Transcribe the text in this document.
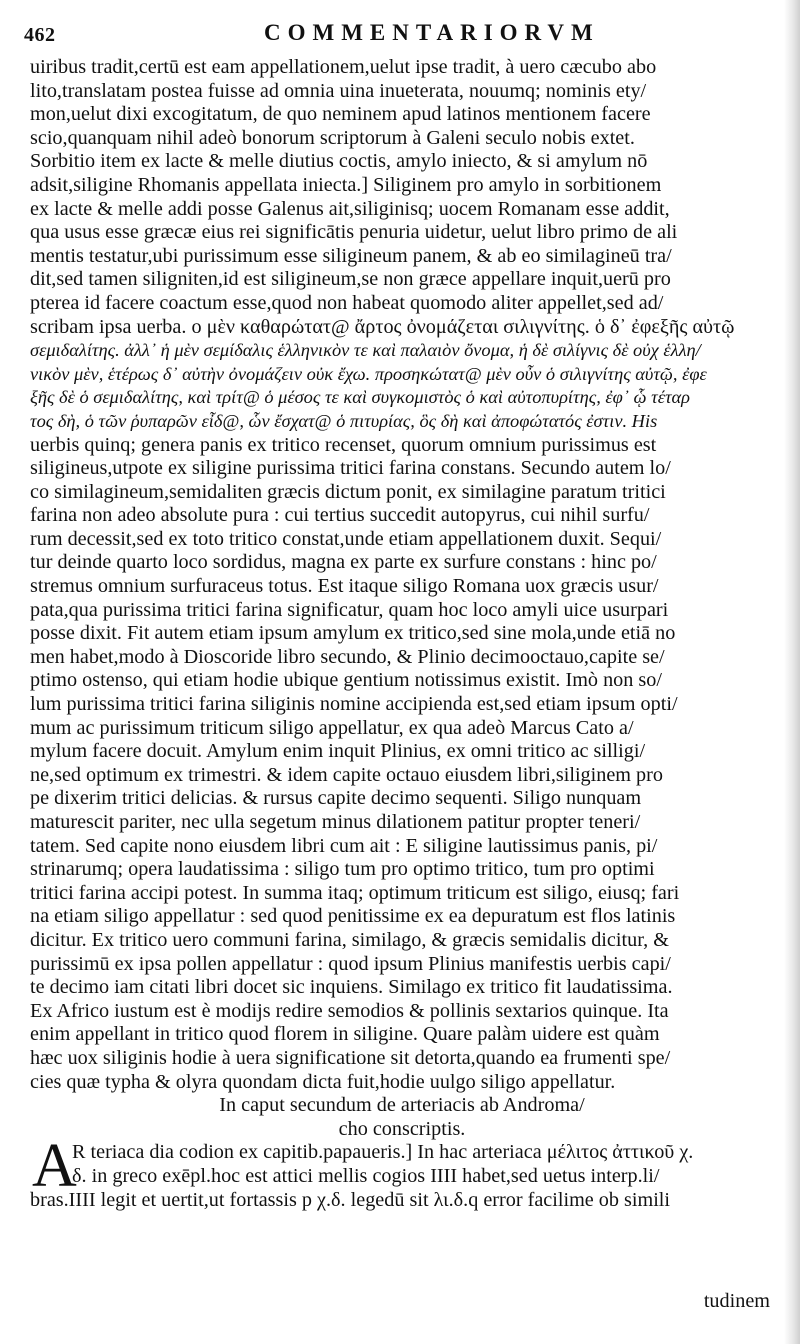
462	COMMENTARIORVM
uiribus tradit,certū est eam appellationem,uelut ipse tradit, à uero cæcubo abo
lito,translatam postea fuisse ad omnia uina inueterata, nouumq; nominis ety/
mon,uelut dixi excogitatum, de quo neminem apud latinos mentionem facere
scio,quanquam nihil adeò bonorum scriptorum à Galeni seculo nobis extet.
Sorbitio item ex lacte & melle diutius coctis, amylo iniecto, & si amylum nō
adsit,siligine Rhomanis appellata iniecta.] Siliginem pro amylo in sorbitionem
ex lacte & melle addi posse Galenus ait,siliginisq; uocem Romanam esse addit,
qua usus esse græcæ eius rei significātis penuria uidetur, uelut libro primo de ali
mentis testatur,ubi purissimum esse siligineum panem, & ab eo similagineū tra/
dit,sed tamen siligniten,id est siligineum,se non græce appellare inquit,uerū pro
pterea id facere coactum esse,quod non habeat quomodo aliter appellet,sed ad/
scribam ipsa uerba. ο μὲν καθαρώτατ@ ἄρτος ὀνομάζεται σιλιγνίτης. ὁ δ᾽ ἐφεξῆς αὐτῷ
σεμιδαλίτης. ἀλλ᾽ ἡ μὲν σεμίδαλις ἑλληνικὸν τε καὶ παλαιὸν ὄνομα, ἡ δὲ σιλίγνις δὲ οὐχ ἑλλη/
νικὸν μὲν, ἑτέρως δ᾽ αὐτὴν ὀνομάζειν οὐκ ἔχω. προσηκώτατ@ μὲν οὖν ὁ σιλιγνίτης αὐτῷ, ἐφε
ξῆς δὲ ὁ σεμιδαλίτης, καὶ τρίτ@ ὁ μέσος τε καὶ συγκομιστὸς ὁ καὶ αὐτοπυρίτης, ἐφ᾽ ᾧ τέταρ
τος δὴ, ὁ τῶν ῥυπαρῶν εἶδ@, ὧν ἔσχατ@ ὁ πιτυρίας, ὃς δὴ καὶ ἀποφώτατός ἐστιν. His
uerbis quinq; genera panis ex tritico recenset, quorum omnium purissimus est
siligineus,utpote ex siligine purissima tritici farina constans. Secundo autem lo/
co similagineum,semidaliten græcis dictum ponit, ex similagine paratum tritici
farina non adeo absolute pura : cui tertius succedit autopyrus, cui nihil surfu/
rum decessit,sed ex toto tritico constat,unde etiam appellationem duxit. Sequi/
tur deinde quarto loco sordidus, magna ex parte ex surfure constans : hinc po/
stremus omnium surfuraceus totus. Est itaque siligo Romana uox græcis usur/
pata,qua purissima tritici farina significatur, quam hoc loco amyli uice usurpari
posse dixit. Fit autem etiam ipsum amylum ex tritico,sed sine mola,unde etiā no
men habet,modo à Dioscoride libro secundo, & Plinio decimooctauo,capite se/
ptimo ostenso, qui etiam hodie ubique gentium notissimus existit. Imò non so/
lum purissima tritici farina siliginis nomine accipienda est,sed etiam ipsum opti/
mum ac purissimum triticum siligo appellatur, ex qua adeò Marcus Cato a/
mylum facere docuit. Amylum enim inquit Plinius, ex omni tritico ac silligi/
ne,sed optimum ex trimestri. & idem capite octauo eiusdem libri,siliginem pro
pe dixerim tritici delicias. & rursus capite decimo sequenti. Siligo nunquam
maturescit pariter, nec ulla segetum minus dilationem patitur propter teneri/
tatem. Sed capite nono eiusdem libri cum ait : E siligine lautissimus panis, pi/
strinarumq; opera laudatissima : siligo tum pro optimo tritico, tum pro optimi
tritici farina accipi potest. In summa itaq; optimum triticum est siligo, eiusq; fari
na etiam siligo appellatur : sed quod penitissime ex ea depuratum est flos latinis
dicitur. Ex tritico uero communi farina, similago, & græcis semidalis dicitur, &
purissimū ex ipsa pollen appellatur : quod ipsum Plinius manifestis uerbis capi/
te decimo iam citati libri docet sic inquiens. Similago ex tritico fit laudatissima.
Ex Africo iustum est è modijs redire semodios & pollinis sextarios quinque. Ita
enim appellant in tritico quod florem in siligine. Quare palàm uidere est quàm
hæc uox siliginis hodie à uera significatione sit detorta,quando ea frumenti spe/
cies quæ typha & olyra quondam dicta fuit,hodie uulgo siligo appellatur.
In caput secundum de arteriacis ab Androma/
cho conscriptis.
A
R teriaca dia codion ex capitib.papaueris.] In hac arteriaca μέλιτος ἀττικοῦ χ.
δ. in greco exēpl.hoc est attici mellis cogios IIII habet,sed uetus interp.li/
bras.IIII legit et uertit,ut fortassis p χ.δ. legedū sit λι.δ.q error facilime ob simili
tudinem
